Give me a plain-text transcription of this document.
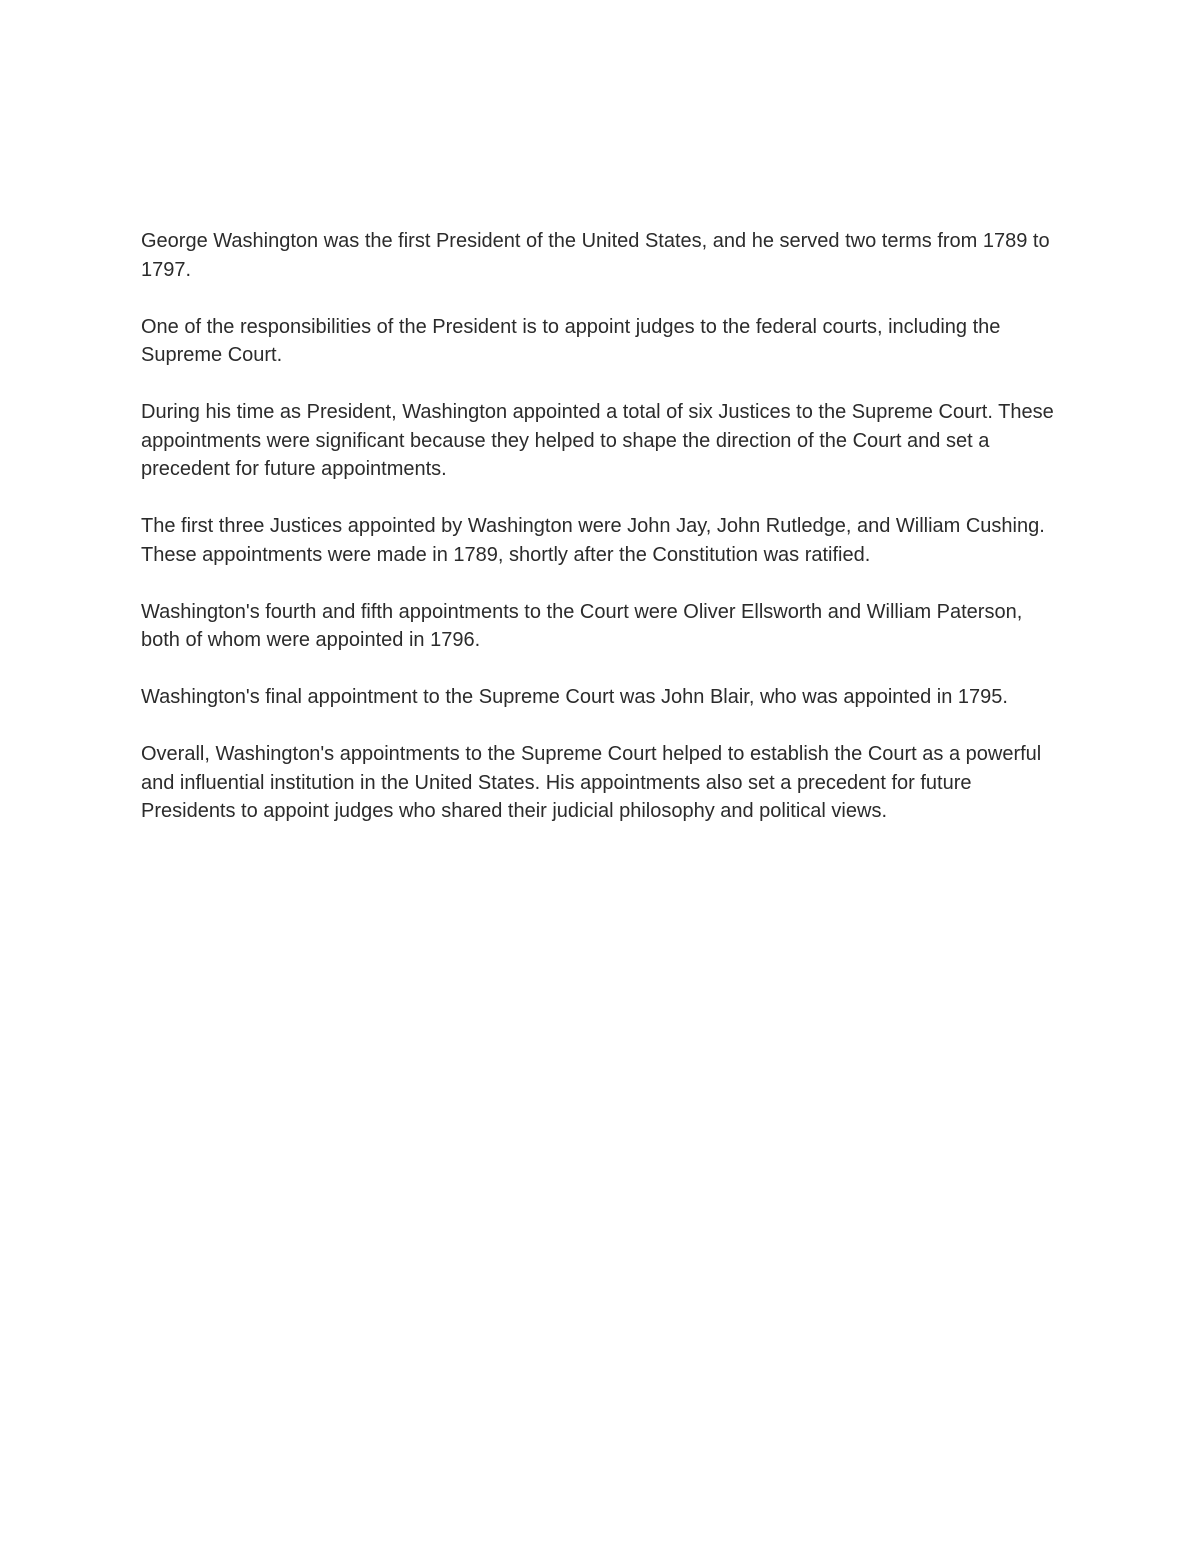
George Washington was the first President of the United States, and he served two terms from 1789 to 1797.

One of the responsibilities of the President is to appoint judges to the federal courts, including the Supreme Court.

During his time as President, Washington appointed a total of six Justices to the Supreme Court. These appointments were significant because they helped to shape the direction of the Court and set a precedent for future appointments.

The first three Justices appointed by Washington were John Jay, John Rutledge, and William Cushing. These appointments were made in 1789, shortly after the Constitution was ratified.

Washington's fourth and fifth appointments to the Court were Oliver Ellsworth and William Paterson, both of whom were appointed in 1796.

Washington's final appointment to the Supreme Court was John Blair, who was appointed in 1795.

Overall, Washington's appointments to the Supreme Court helped to establish the Court as a powerful and influential institution in the United States. His appointments also set a precedent for future Presidents to appoint judges who shared their judicial philosophy and political views.
